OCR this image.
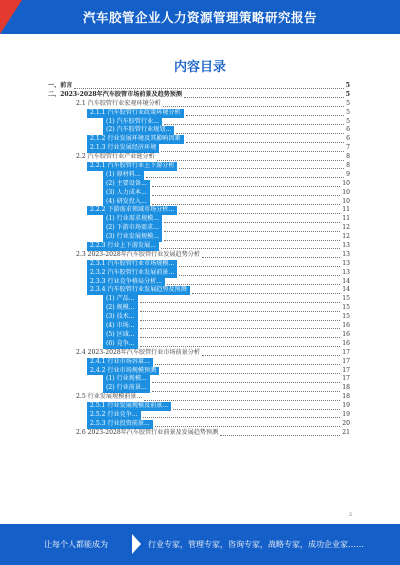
汽车胶管企业人力资源管理策略研究报告
内容目录
一、前言	5
二、2023-2028年汽车胶管市场前景及趋势预测	5
2.1 汽车胶管行业宏观环境分析	5
2.1.1 汽车胶管行业政策环境分析	5
(1) 汽车胶管行业...	5
(2) 汽车胶管行业规划...	6
2.1.2 行业发展环境及其影响因素	6
2.1.3 行业发展经济环境	7
2.2 汽车胶管行业产业链分析	8
2.2.1 汽车胶管行业上下游分析	8
(1) 原材料...	9
(2) 主要设备...	10
(3) 人力成本...	10
(4) 研发投入...	10
2.2.2 下游需求领域市场分析...	11
(1) 行业需求规模...	11
(2) 下游市场需求...	12
(3) 行业发展规模...	12
2.2.3 行业上下游发展...	13
2.3 2023-2028年汽车胶管行业发展趋势分析	13
2.3.1 汽车胶管行业市场规模...	13
2.3.2 汽车胶管行业发展前景...	13
2.3.3 行业竞争格局分析...	14
2.3.4 汽车胶管行业发展趋势及预测	14
(1) 产品...	15
(2) 规模...	15
(3) 技术...	15
(4) 市场...	16
(5) 区域...	16
(6) 竞争...	16
2.4 2023-2028年汽车胶管行业市场前景分析	17
2.4.1 行业市场容量...	17
2.4.2 行业市场规模预测	17
(1) 行业规模...	17
(2) 行业前景...	18
2.5 行业发展规模前景...	18
2.5.1 行业发展规模及前景...	19
2.5.2 行业竞争...	19
2.5.3 行业投资前景...	20
2.6 2023-2028年汽车胶管行业前景及发展趋势预测	21
2
让每个人都能成为	行业专家，管理专家，咨询专家，战略专家，成功企业家……
